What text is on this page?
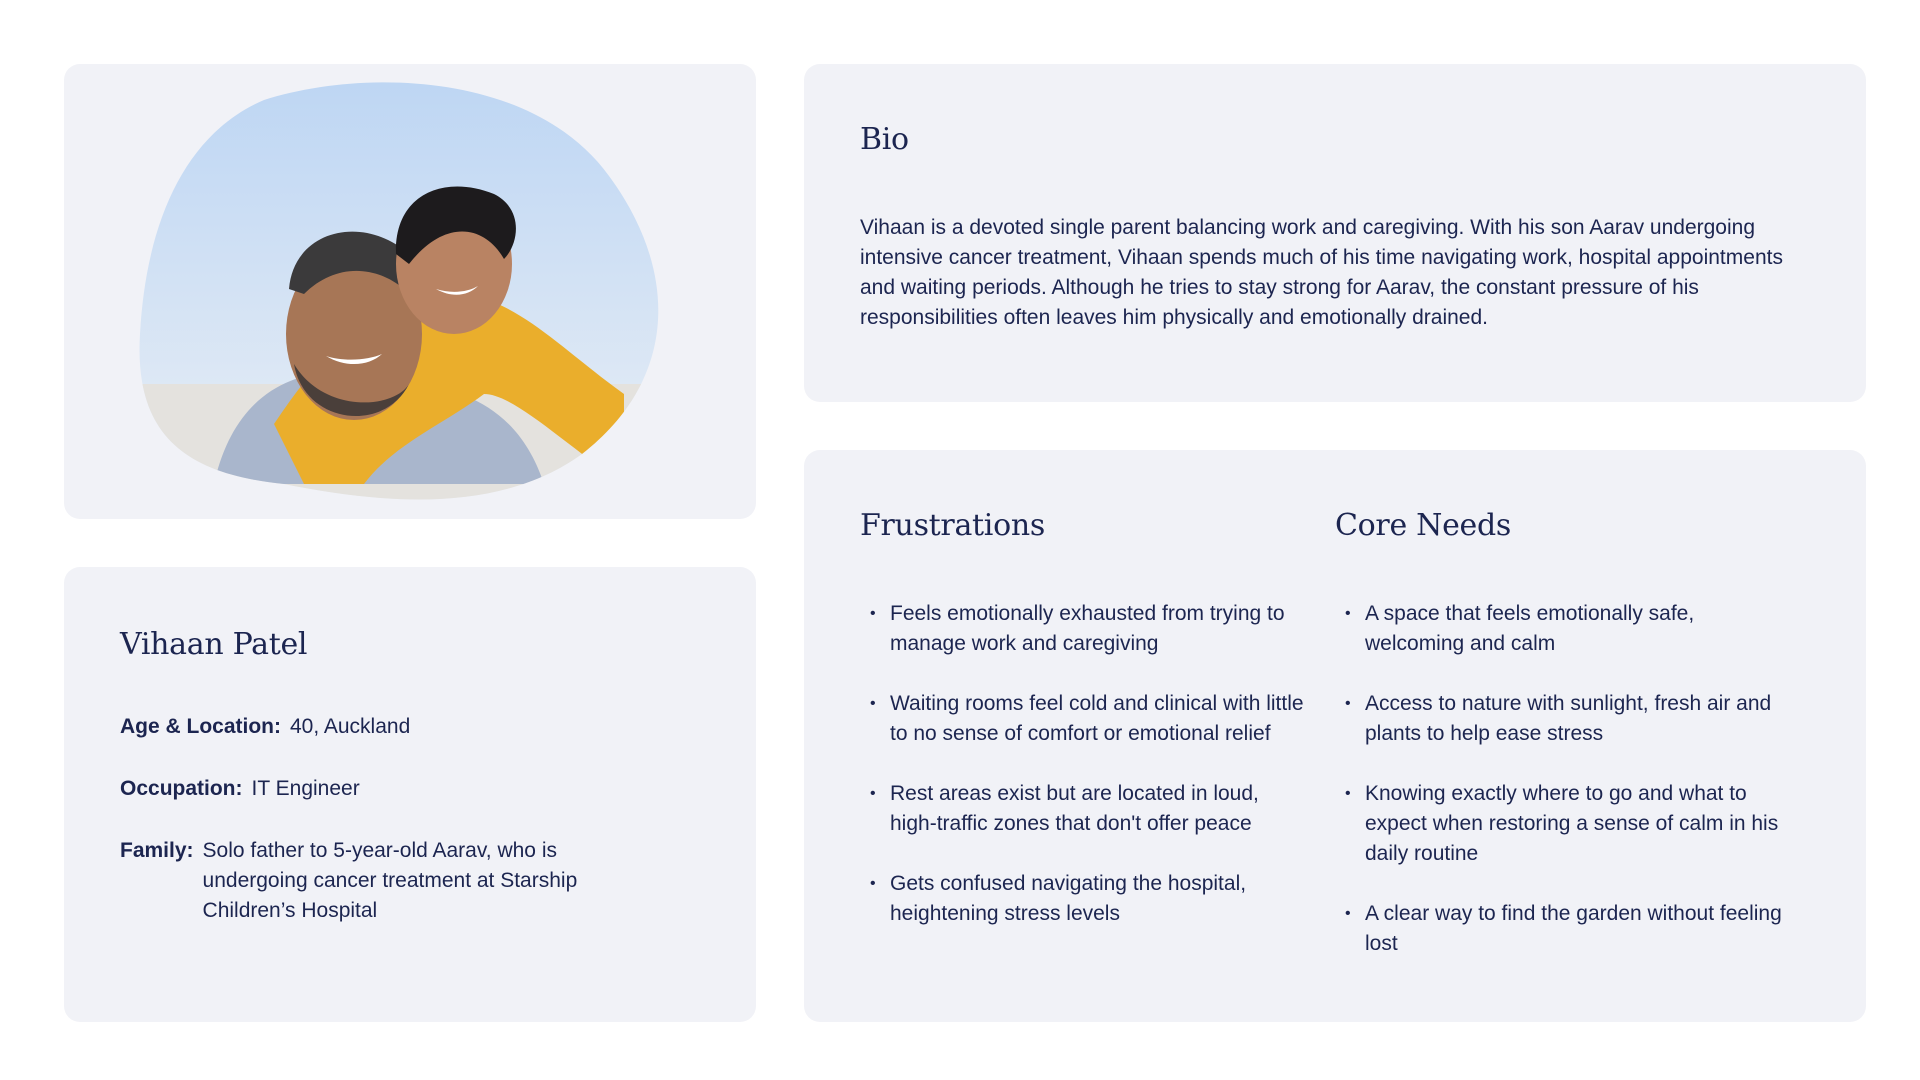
Vihaan Patel
Age & Location: 40, Auckland
Occupation: IT Engineer
Family: Solo father to 5-year-old Aarav, who is undergoing cancer treatment at Starship Children’s Hospital
Bio

Vihaan is a devoted single parent balancing work and caregiving. With his son Aarav undergoing intensive cancer treatment, Vihaan spends much of his time navigating work, hospital appointments and waiting periods. Although he tries to stay strong for Aarav, the constant pressure of his responsibilities often leaves him physically and emotionally drained.

Frustrations
• Feels emotionally exhausted from trying to manage work and caregiving
• Waiting rooms feel cold and clinical with little to no sense of comfort or emotional relief
• Rest areas exist but are located in loud, high-traffic zones that don't offer peace
• Gets confused navigating the hospital, heightening stress levels
Core Needs
• A space that feels emotionally safe, welcoming and calm
• Access to nature with sunlight, fresh air and plants to help ease stress
• Knowing exactly where to go and what to expect when restoring a sense of calm in his daily routine
• A clear way to find the garden without feeling lost
